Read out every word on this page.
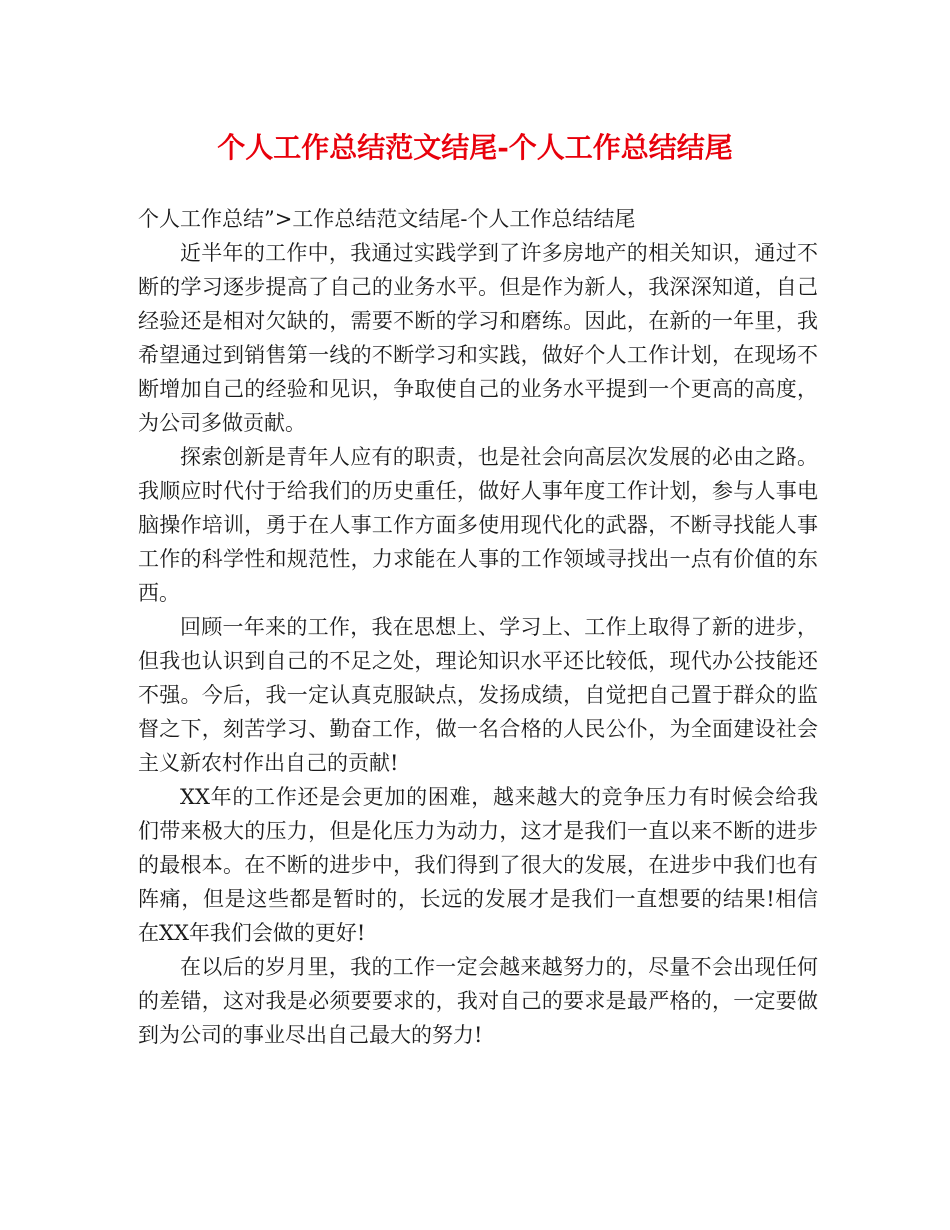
个人工作总结范文结尾-个人工作总结结尾

个人工作总结”>工作总结范文结尾-个人工作总结结尾

近半年的工作中，我通过实践学到了许多房地产的相关知识，通过不断的学习逐步提高了自己的业务水平。但是作为新人，我深深知道，自己经验还是相对欠缺的，需要不断的学习和磨练。因此，在新的一年里，我希望通过到销售第一线的不断学习和实践，做好个人工作计划，在现场不断增加自己的经验和见识，争取使自己的业务水平提到一个更高的高度，为公司多做贡献。

探索创新是青年人应有的职责，也是社会向高层次发展的必由之路。我顺应时代付于给我们的历史重任，做好人事年度工作计划，参与人事电脑操作培训，勇于在人事工作方面多使用现代化的武器，不断寻找能人事工作的科学性和规范性，力求能在人事的工作领域寻找出一点有价值的东西。

回顾一年来的工作，我在思想上、学习上、工作上取得了新的进步，但我也认识到自己的不足之处，理论知识水平还比较低，现代办公技能还不强。今后，我一定认真克服缺点，发扬成绩，自觉把自己置于群众的监督之下，刻苦学习、勤奋工作，做一名合格的人民公仆，为全面建设社会主义新农村作出自己的贡献!

XX年的工作还是会更加的困难，越来越大的竞争压力有时候会给我们带来极大的压力，但是化压力为动力，这才是我们一直以来不断的进步的最根本。在不断的进步中，我们得到了很大的发展，在进步中我们也有阵痛，但是这些都是暂时的，长远的发展才是我们一直想要的结果!相信在XX年我们会做的更好!

在以后的岁月里，我的工作一定会越来越努力的，尽量不会出现任何的差错，这对我是必须要要求的，我对自己的要求是最严格的，一定要做到为公司的事业尽出自己最大的努力!
